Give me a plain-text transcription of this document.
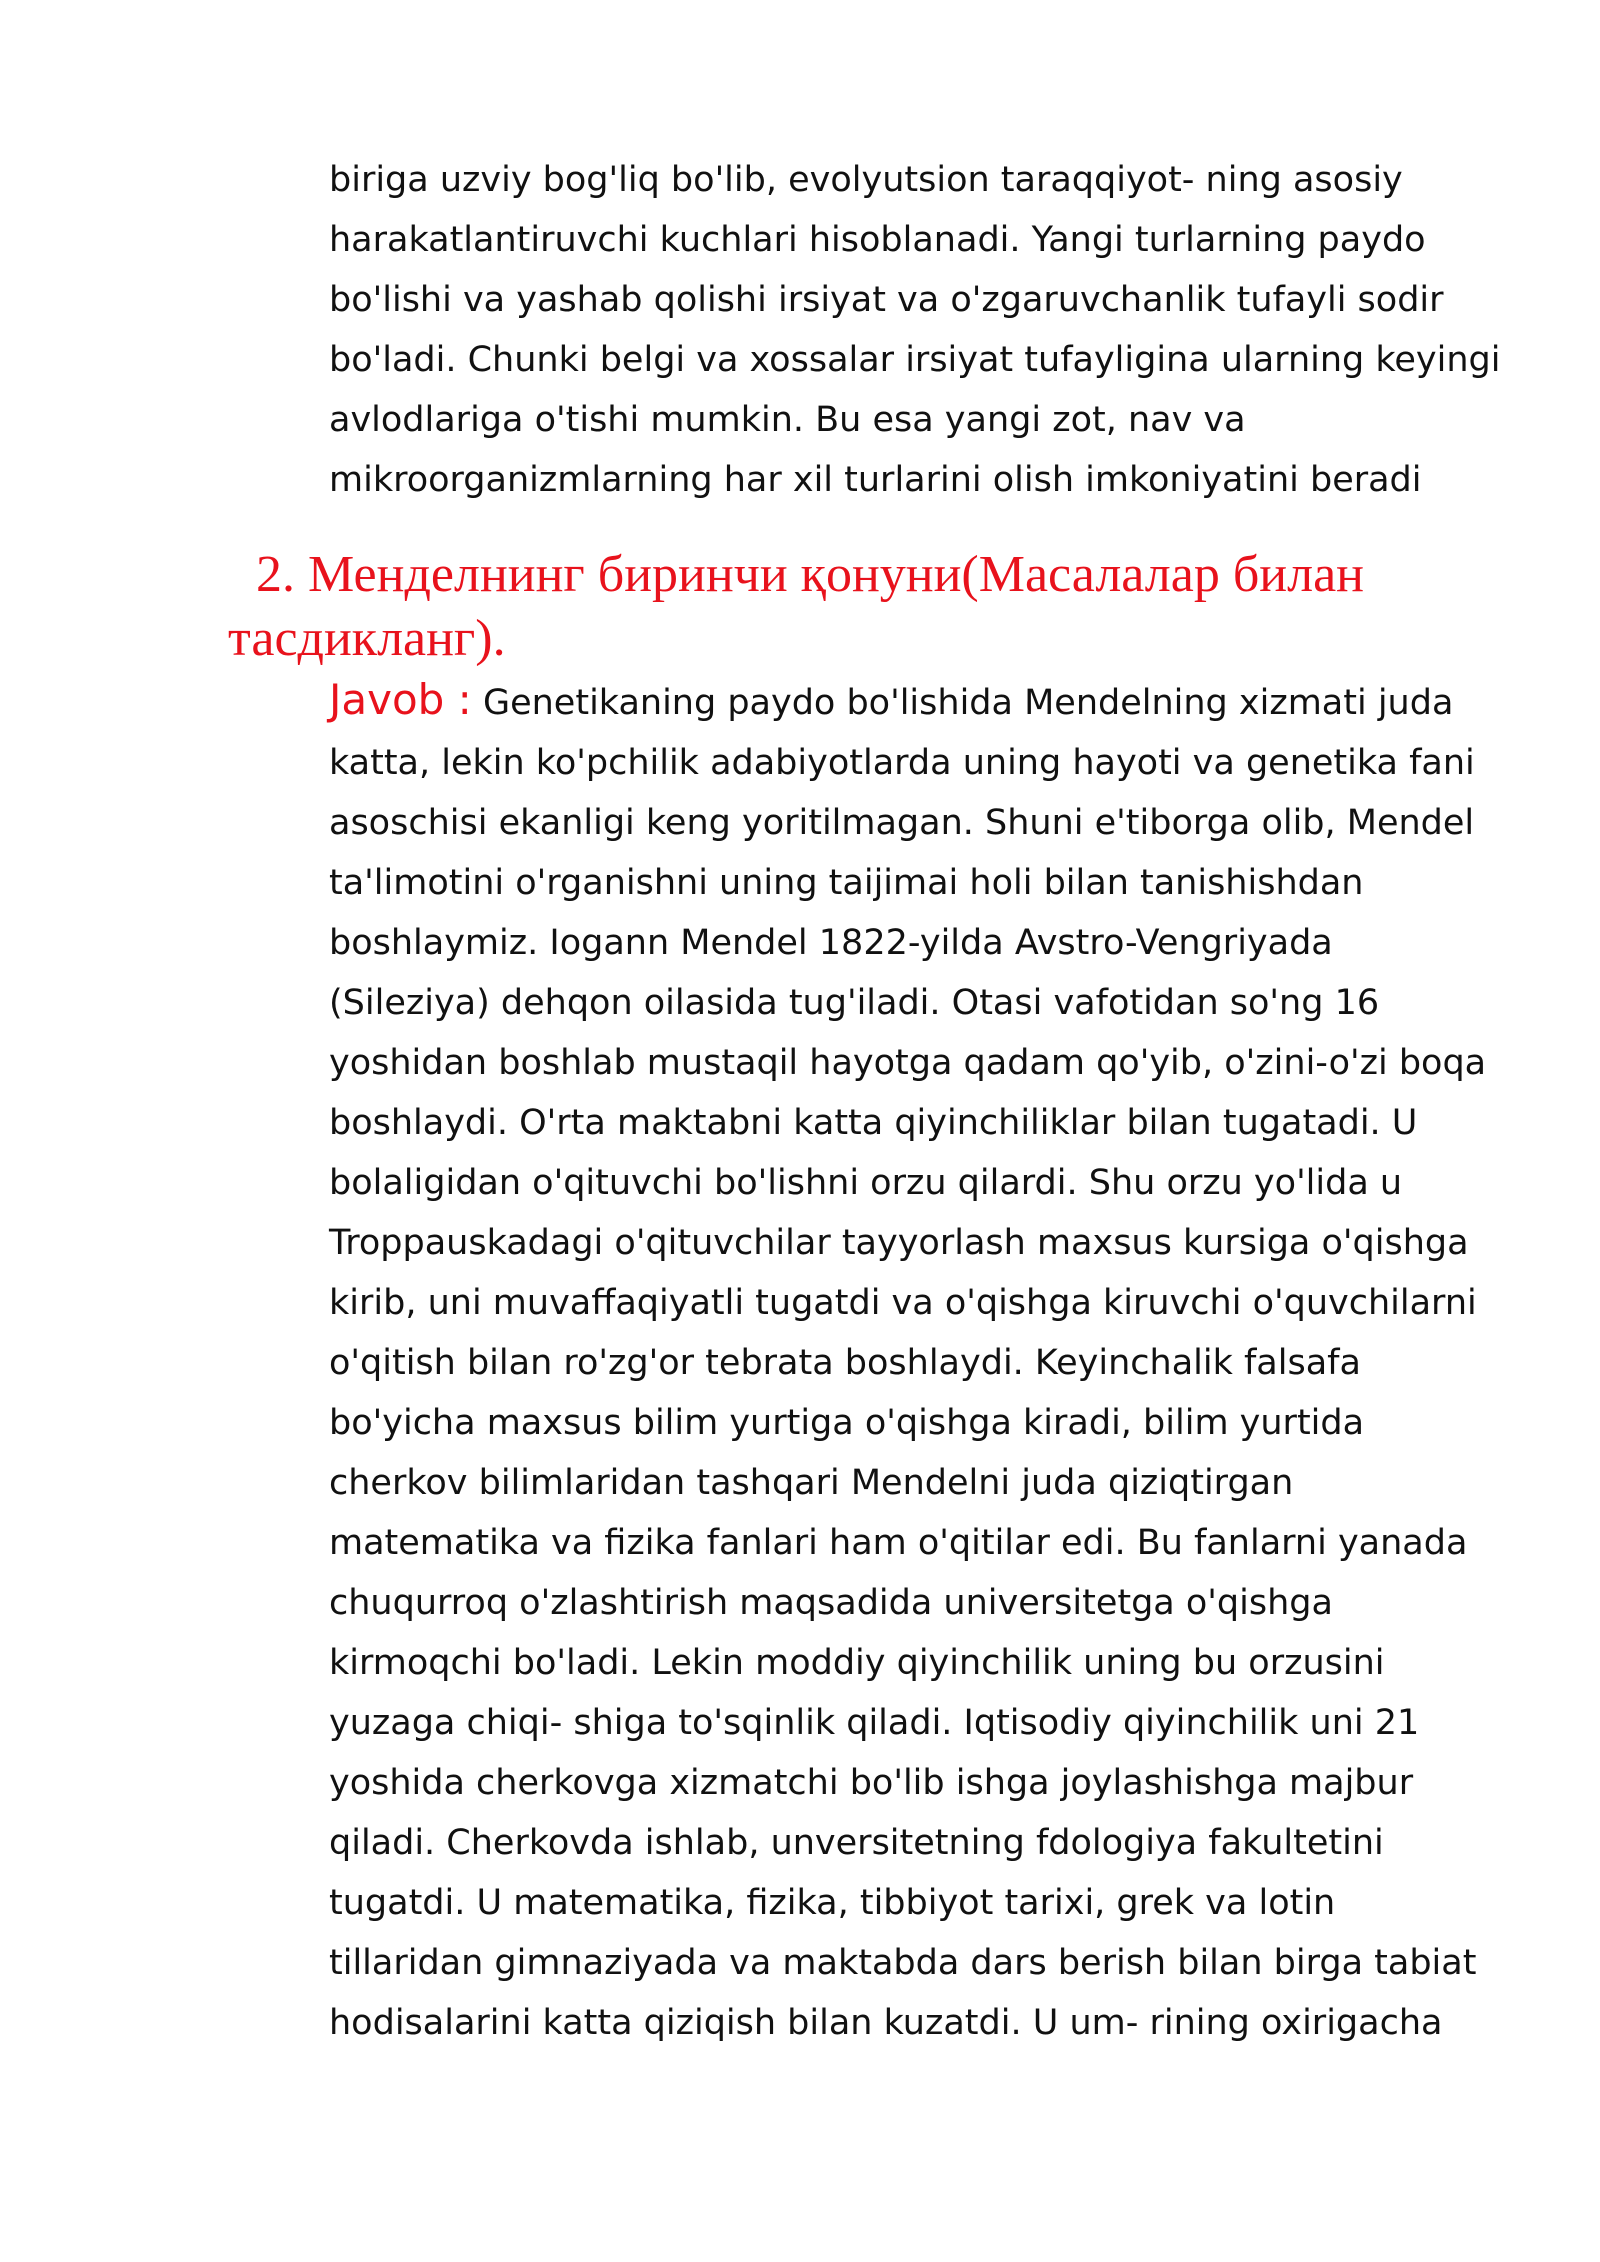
biriga uzviy bog'liq bo'lib, evolyutsion taraqqiyot- ning asosiy
harakatlantiruvchi kuchlari hisoblanadi. Yangi turlarning paydo
bo'lishi va yashab qolishi irsiyat va o'zgaruvchanlik tufayli sodir
bo'ladi. Chunki belgi va xossalar irsiyat tufayligina ularning keyingi
avlodlariga o'tishi mumkin. Bu esa yangi zot, nav va
mikroorganizmlarning har xil turlarini olish imkoniyatini beradi
2. Менделнинг биринчи қонуни(Масалалар билан
тасдикланг).
Javob : Genetikaning paydo bo'lishida Mendelning xizmati juda
katta, lekin ko'pchilik adabiyotlarda uning hayoti va genetika fani
asoschisi ekanligi keng yoritilmagan. Shuni e'tiborga olib, Mendel
ta'limotini o'rganishni uning taijimai holi bilan tanishishdan
boshlaymiz. Iogann Mendel 1822-yilda Avstro-Vengriyada
(Sileziya) dehqon oilasida tug'iladi. Otasi vafotidan so'ng 16
yoshidan boshlab mustaqil hayotga qadam qo'yib, o'zini-o'zi boqa
boshlaydi. O'rta maktabni katta qiyinchiliklar bilan tugatadi. U
bolaligidan o'qituvchi bo'lishni orzu qilardi. Shu orzu yo'lida u
Troppauskadagi o'qituvchilar tayyorlash maxsus kursiga o'qishga
kirib, uni muvaffaqiyatli tugatdi va o'qishga kiruvchi o'quvchilarni
o'qitish bilan ro'zg'or tebrata boshlaydi. Keyinchalik falsafa
bo'yicha maxsus bilim yurtiga o'qishga kiradi, bilim yurtida
cherkov bilimlaridan tashqari Mendelni juda qiziqtirgan
matematika va fizika fanlari ham o'qitilar edi. Bu fanlarni yanada
chuqurroq o'zlashtirish maqsadida universitetga o'qishga
kirmoqchi bo'ladi. Lekin moddiy qiyinchilik uning bu orzusini
yuzaga chiqi- shiga to'sqinlik qiladi. Iqtisodiy qiyinchilik uni 21
yoshida cherkovga xizmatchi bo'lib ishga joylashishga majbur
qiladi. Cherkovda ishlab, unversitetning fdologiya fakultetini
tugatdi. U matematika, fizika, tibbiyot tarixi, grek va lotin
tillaridan gimnaziyada va maktabda dars berish bilan birga tabiat
hodisalarini katta qiziqish bilan kuzatdi. U um- rining oxirigacha
